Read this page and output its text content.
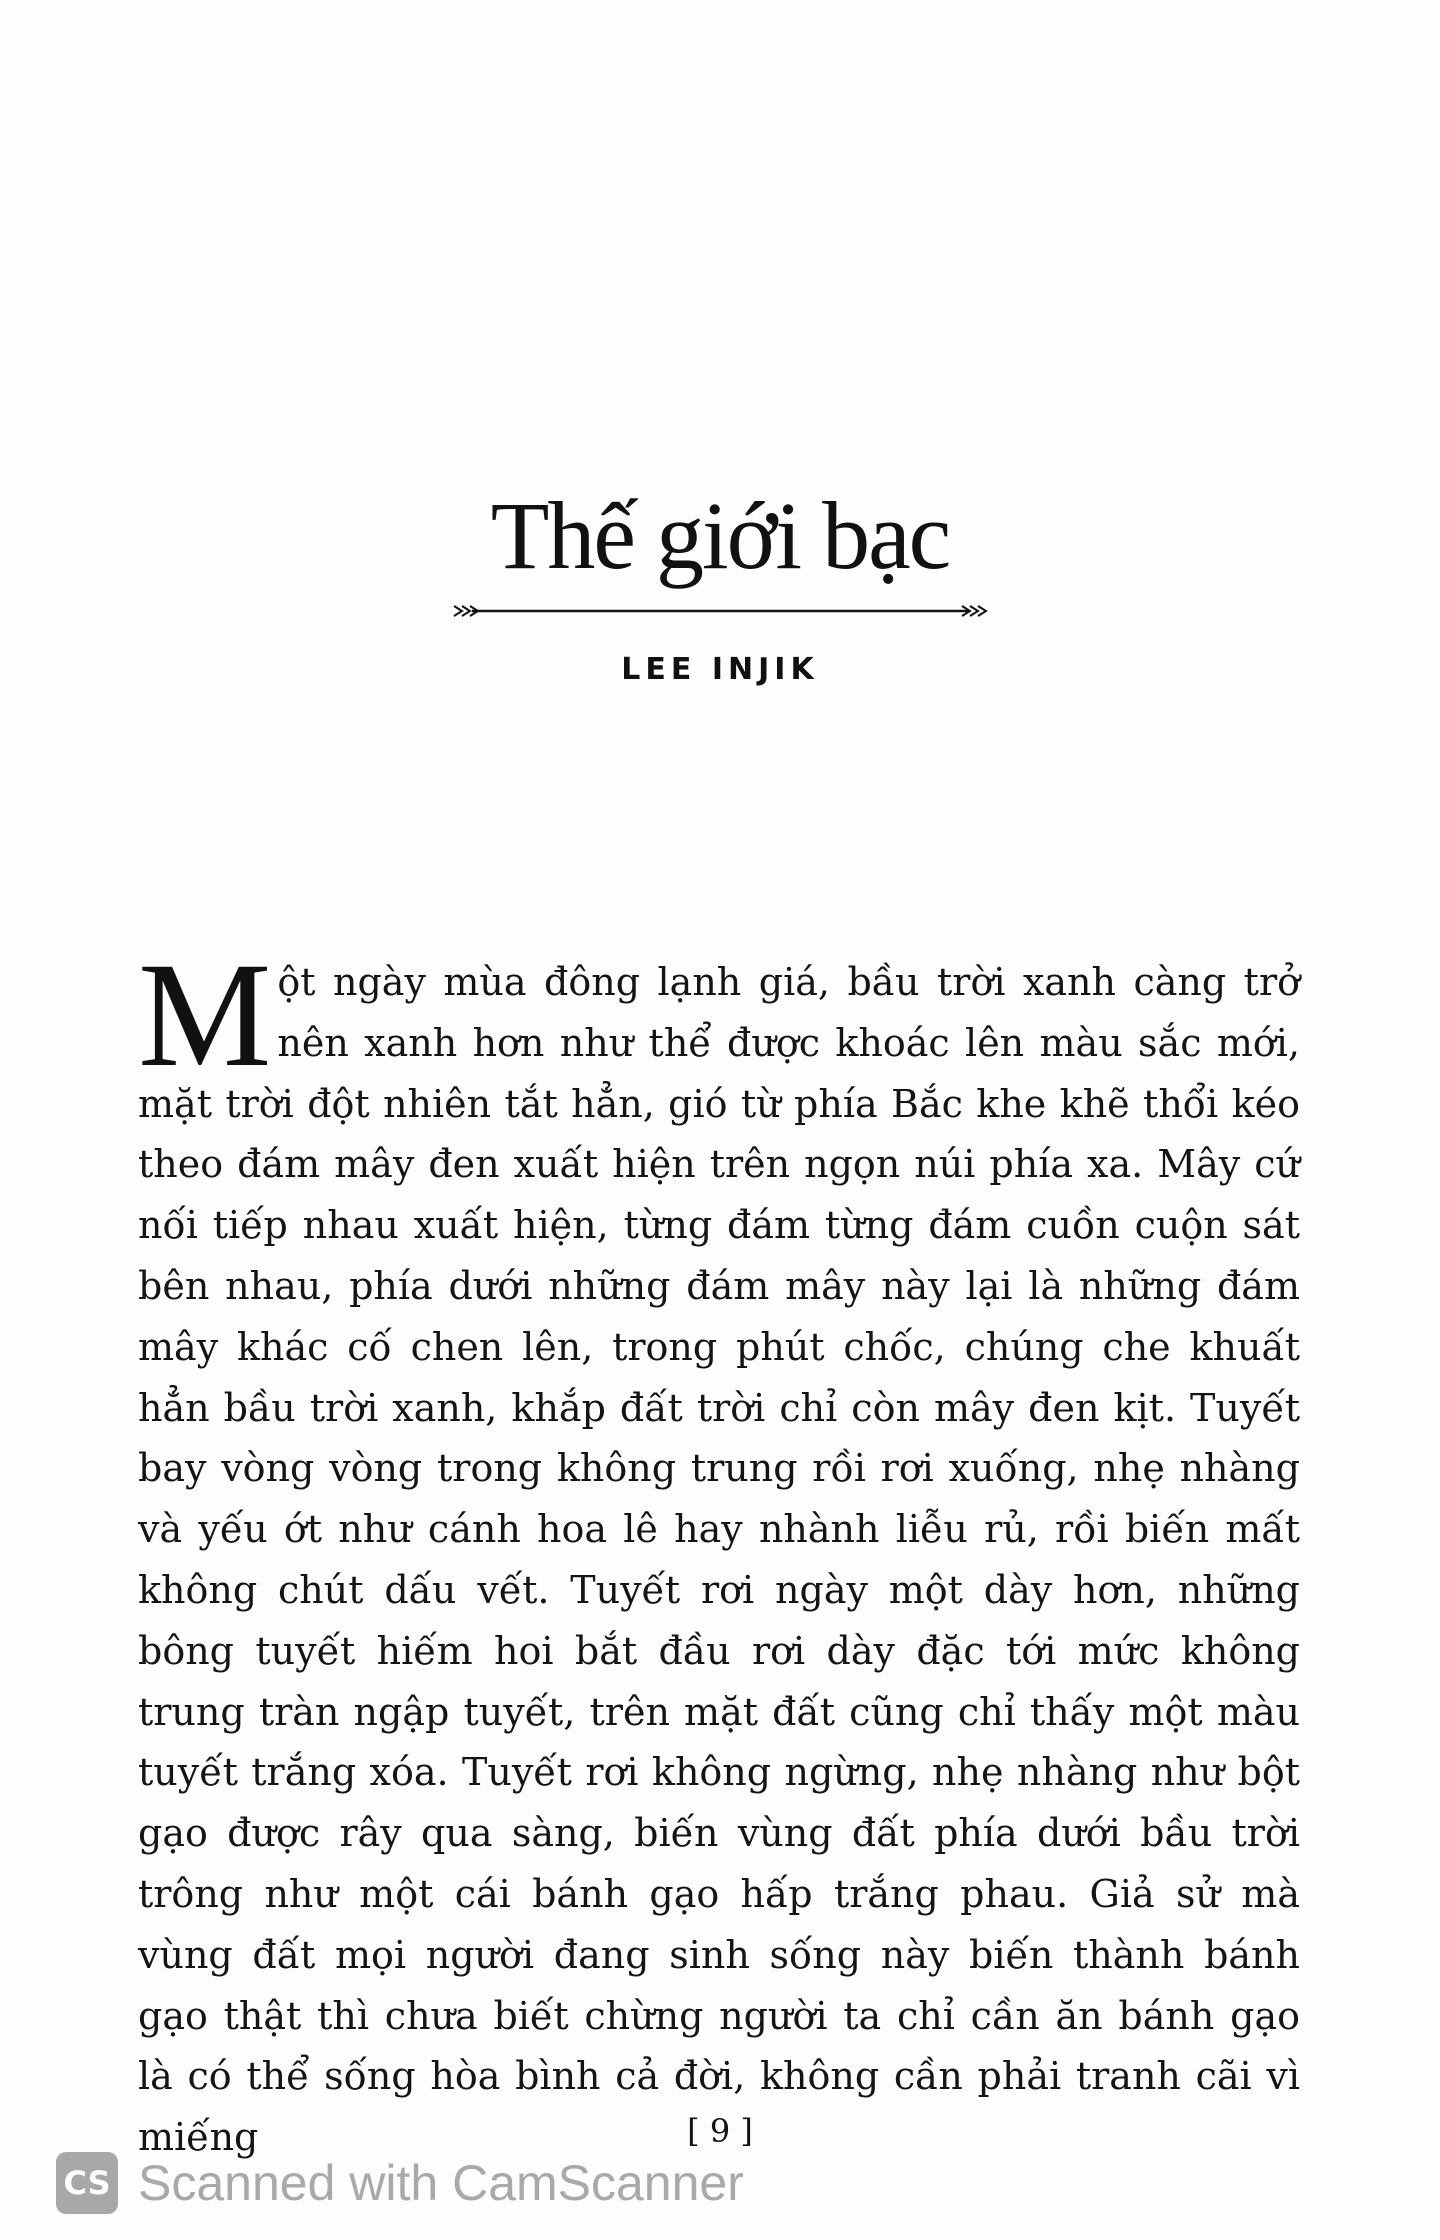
Thế giới bạc
LEE INJIK
Một ngày mùa đông lạnh giá, bầu trời xanh càng trở nên xanh hơn như thể được khoác lên màu sắc mới, mặt trời đột nhiên tắt hẳn, gió từ phía Bắc khe khẽ thổi kéo theo đám mây đen xuất hiện trên ngọn núi phía xa. Mây cứ nối tiếp nhau xuất hiện, từng đám từng đám cuồn cuộn sát bên nhau, phía dưới những đám mây này lại là những đám mây khác cố chen lên, trong phút chốc, chúng che khuất hẳn bầu trời xanh, khắp đất trời chỉ còn mây đen kịt. Tuyết bay vòng vòng trong không trung rồi rơi xuống, nhẹ nhàng và yếu ớt như cánh hoa lê hay nhành liễu rủ, rồi biến mất không chút dấu vết. Tuyết rơi ngày một dày hơn, những bông tuyết hiếm hoi bắt đầu rơi dày đặc tới mức không trung tràn ngập tuyết, trên mặt đất cũng chỉ thấy một màu tuyết trắng xóa. Tuyết rơi không ngừng, nhẹ nhàng như bột gạo được rây qua sàng, biến vùng đất phía dưới bầu trời trông như một cái bánh gạo hấp trắng phau. Giả sử mà vùng đất mọi người đang sinh sống này biến thành bánh gạo thật thì chưa biết chừng người ta chỉ cần ăn bánh gạo là có thể sống hòa bình cả đời, không cần phải tranh cãi vì miếng	[ 9 ]
CS Scanned with CamScanner
